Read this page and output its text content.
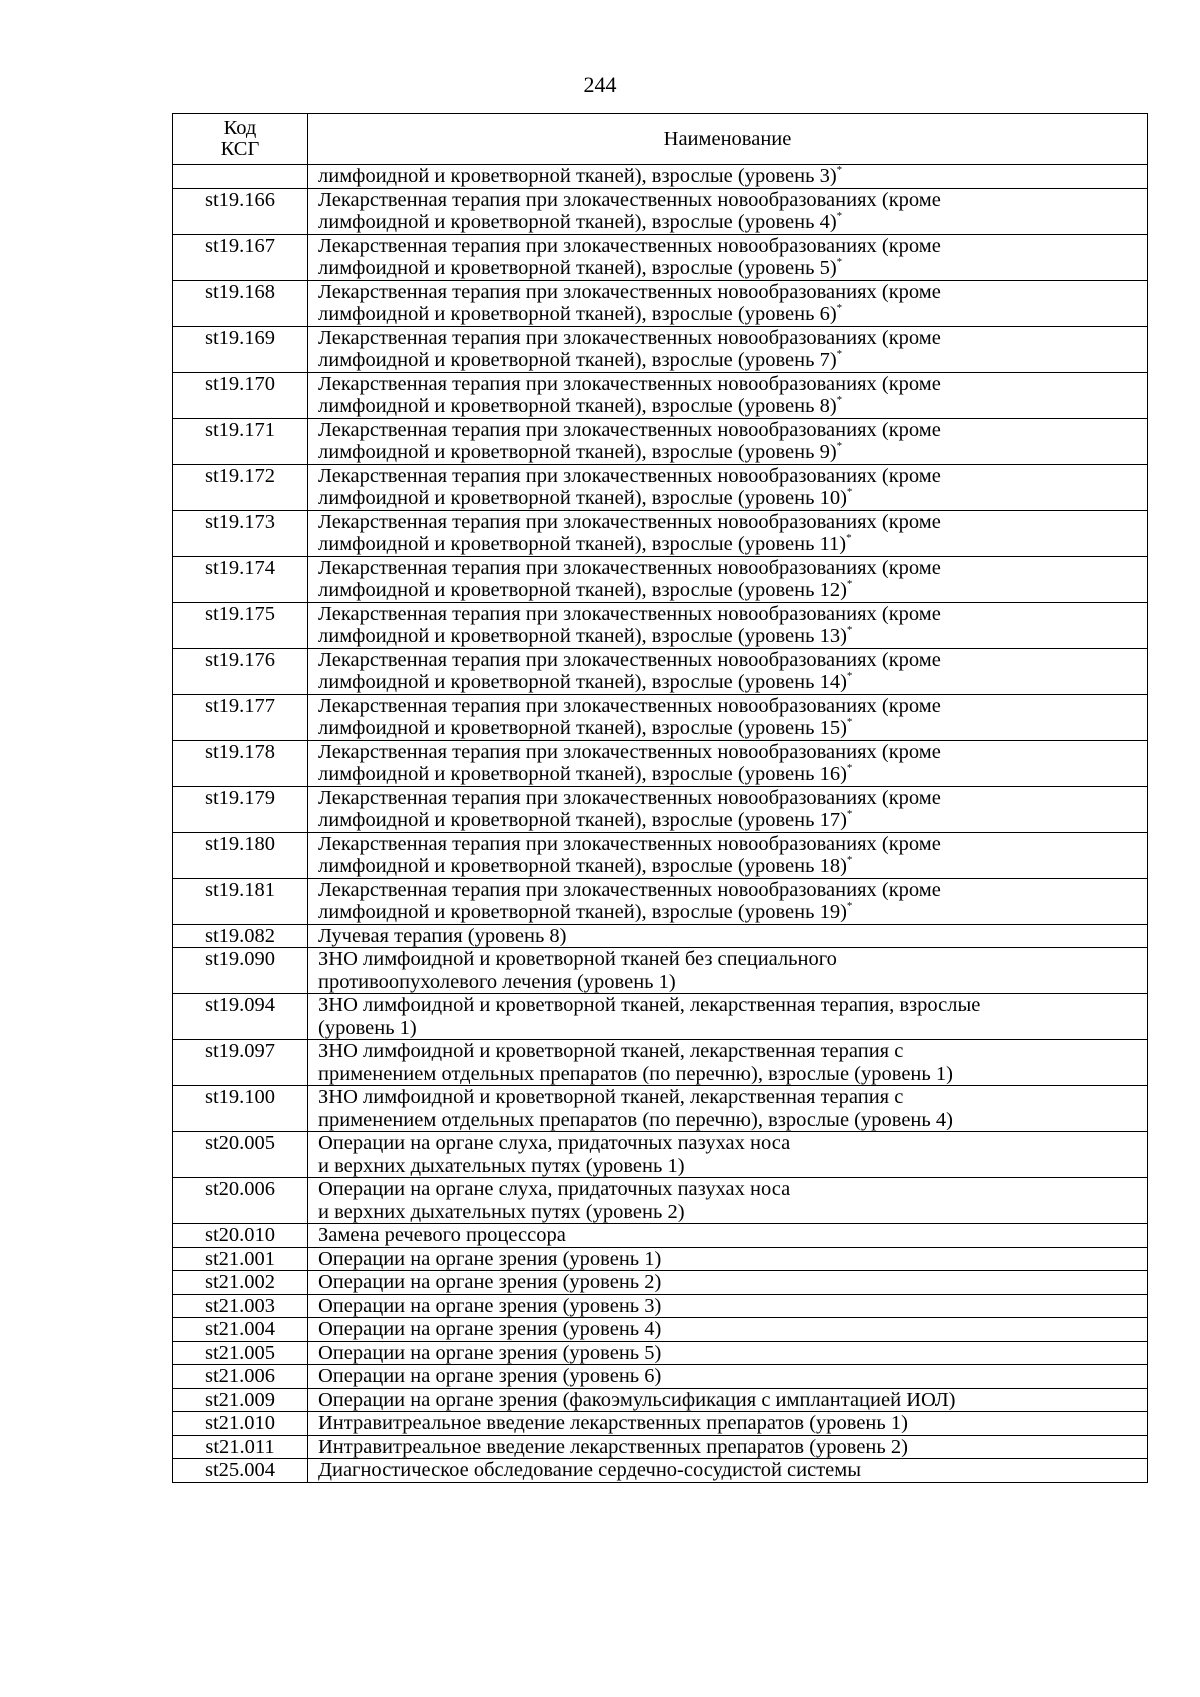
244
Код
КСГ	Наименование

	лимфоидной и кроветворной тканей), взрослые (уровень 3)*

st19.166	Лекарственная терапия при злокачественных новообразованиях (кроме
лимфоидной и кроветворной тканей), взрослые (уровень 4)*

st19.167	Лекарственная терапия при злокачественных новообразованиях (кроме
лимфоидной и кроветворной тканей), взрослые (уровень 5)*

st19.168	Лекарственная терапия при злокачественных новообразованиях (кроме
лимфоидной и кроветворной тканей), взрослые (уровень 6)*

st19.169	Лекарственная терапия при злокачественных новообразованиях (кроме
лимфоидной и кроветворной тканей), взрослые (уровень 7)*

st19.170	Лекарственная терапия при злокачественных новообразованиях (кроме
лимфоидной и кроветворной тканей), взрослые (уровень 8)*

st19.171	Лекарственная терапия при злокачественных новообразованиях (кроме
лимфоидной и кроветворной тканей), взрослые (уровень 9)*

st19.172	Лекарственная терапия при злокачественных новообразованиях (кроме
лимфоидной и кроветворной тканей), взрослые (уровень 10)*

st19.173	Лекарственная терапия при злокачественных новообразованиях (кроме
лимфоидной и кроветворной тканей), взрослые (уровень 11)*

st19.174	Лекарственная терапия при злокачественных новообразованиях (кроме
лимфоидной и кроветворной тканей), взрослые (уровень 12)*

st19.175	Лекарственная терапия при злокачественных новообразованиях (кроме
лимфоидной и кроветворной тканей), взрослые (уровень 13)*

st19.176	Лекарственная терапия при злокачественных новообразованиях (кроме
лимфоидной и кроветворной тканей), взрослые (уровень 14)*

st19.177	Лекарственная терапия при злокачественных новообразованиях (кроме
лимфоидной и кроветворной тканей), взрослые (уровень 15)*

st19.178	Лекарственная терапия при злокачественных новообразованиях (кроме
лимфоидной и кроветворной тканей), взрослые (уровень 16)*

st19.179	Лекарственная терапия при злокачественных новообразованиях (кроме
лимфоидной и кроветворной тканей), взрослые (уровень 17)*

st19.180	Лекарственная терапия при злокачественных новообразованиях (кроме
лимфоидной и кроветворной тканей), взрослые (уровень 18)*

st19.181	Лекарственная терапия при злокачественных новообразованиях (кроме
лимфоидной и кроветворной тканей), взрослые (уровень 19)*

st19.082	Лучевая терапия (уровень 8)

st19.090	ЗНО лимфоидной и кроветворной тканей без специального
противоопухолевого лечения (уровень 1)

st19.094	ЗНО лимфоидной и кроветворной тканей, лекарственная терапия, взрослые
(уровень 1)

st19.097	ЗНО лимфоидной и кроветворной тканей, лекарственная терапия с
применением отдельных препаратов (по перечню), взрослые (уровень 1)

st19.100	ЗНО лимфоидной и кроветворной тканей, лекарственная терапия с
применением отдельных препаратов (по перечню), взрослые (уровень 4)

st20.005	Операции на органе слуха, придаточных пазухах носа
и верхних дыхательных путях (уровень 1)

st20.006	Операции на органе слуха, придаточных пазухах носа
и верхних дыхательных путях (уровень 2)

st20.010	Замена речевого процессора

st21.001	Операции на органе зрения (уровень 1)

st21.002	Операции на органе зрения (уровень 2)

st21.003	Операции на органе зрения (уровень 3)

st21.004	Операции на органе зрения (уровень 4)

st21.005	Операции на органе зрения (уровень 5)

st21.006	Операции на органе зрения (уровень 6)

st21.009	Операции на органе зрения (факоэмульсификация с имплантацией ИОЛ)

st21.010	Интравитреальное введение лекарственных препаратов (уровень 1)

st21.011	Интравитреальное введение лекарственных препаратов (уровень 2)

st25.004	Диагностическое обследование сердечно-сосудистой системы
